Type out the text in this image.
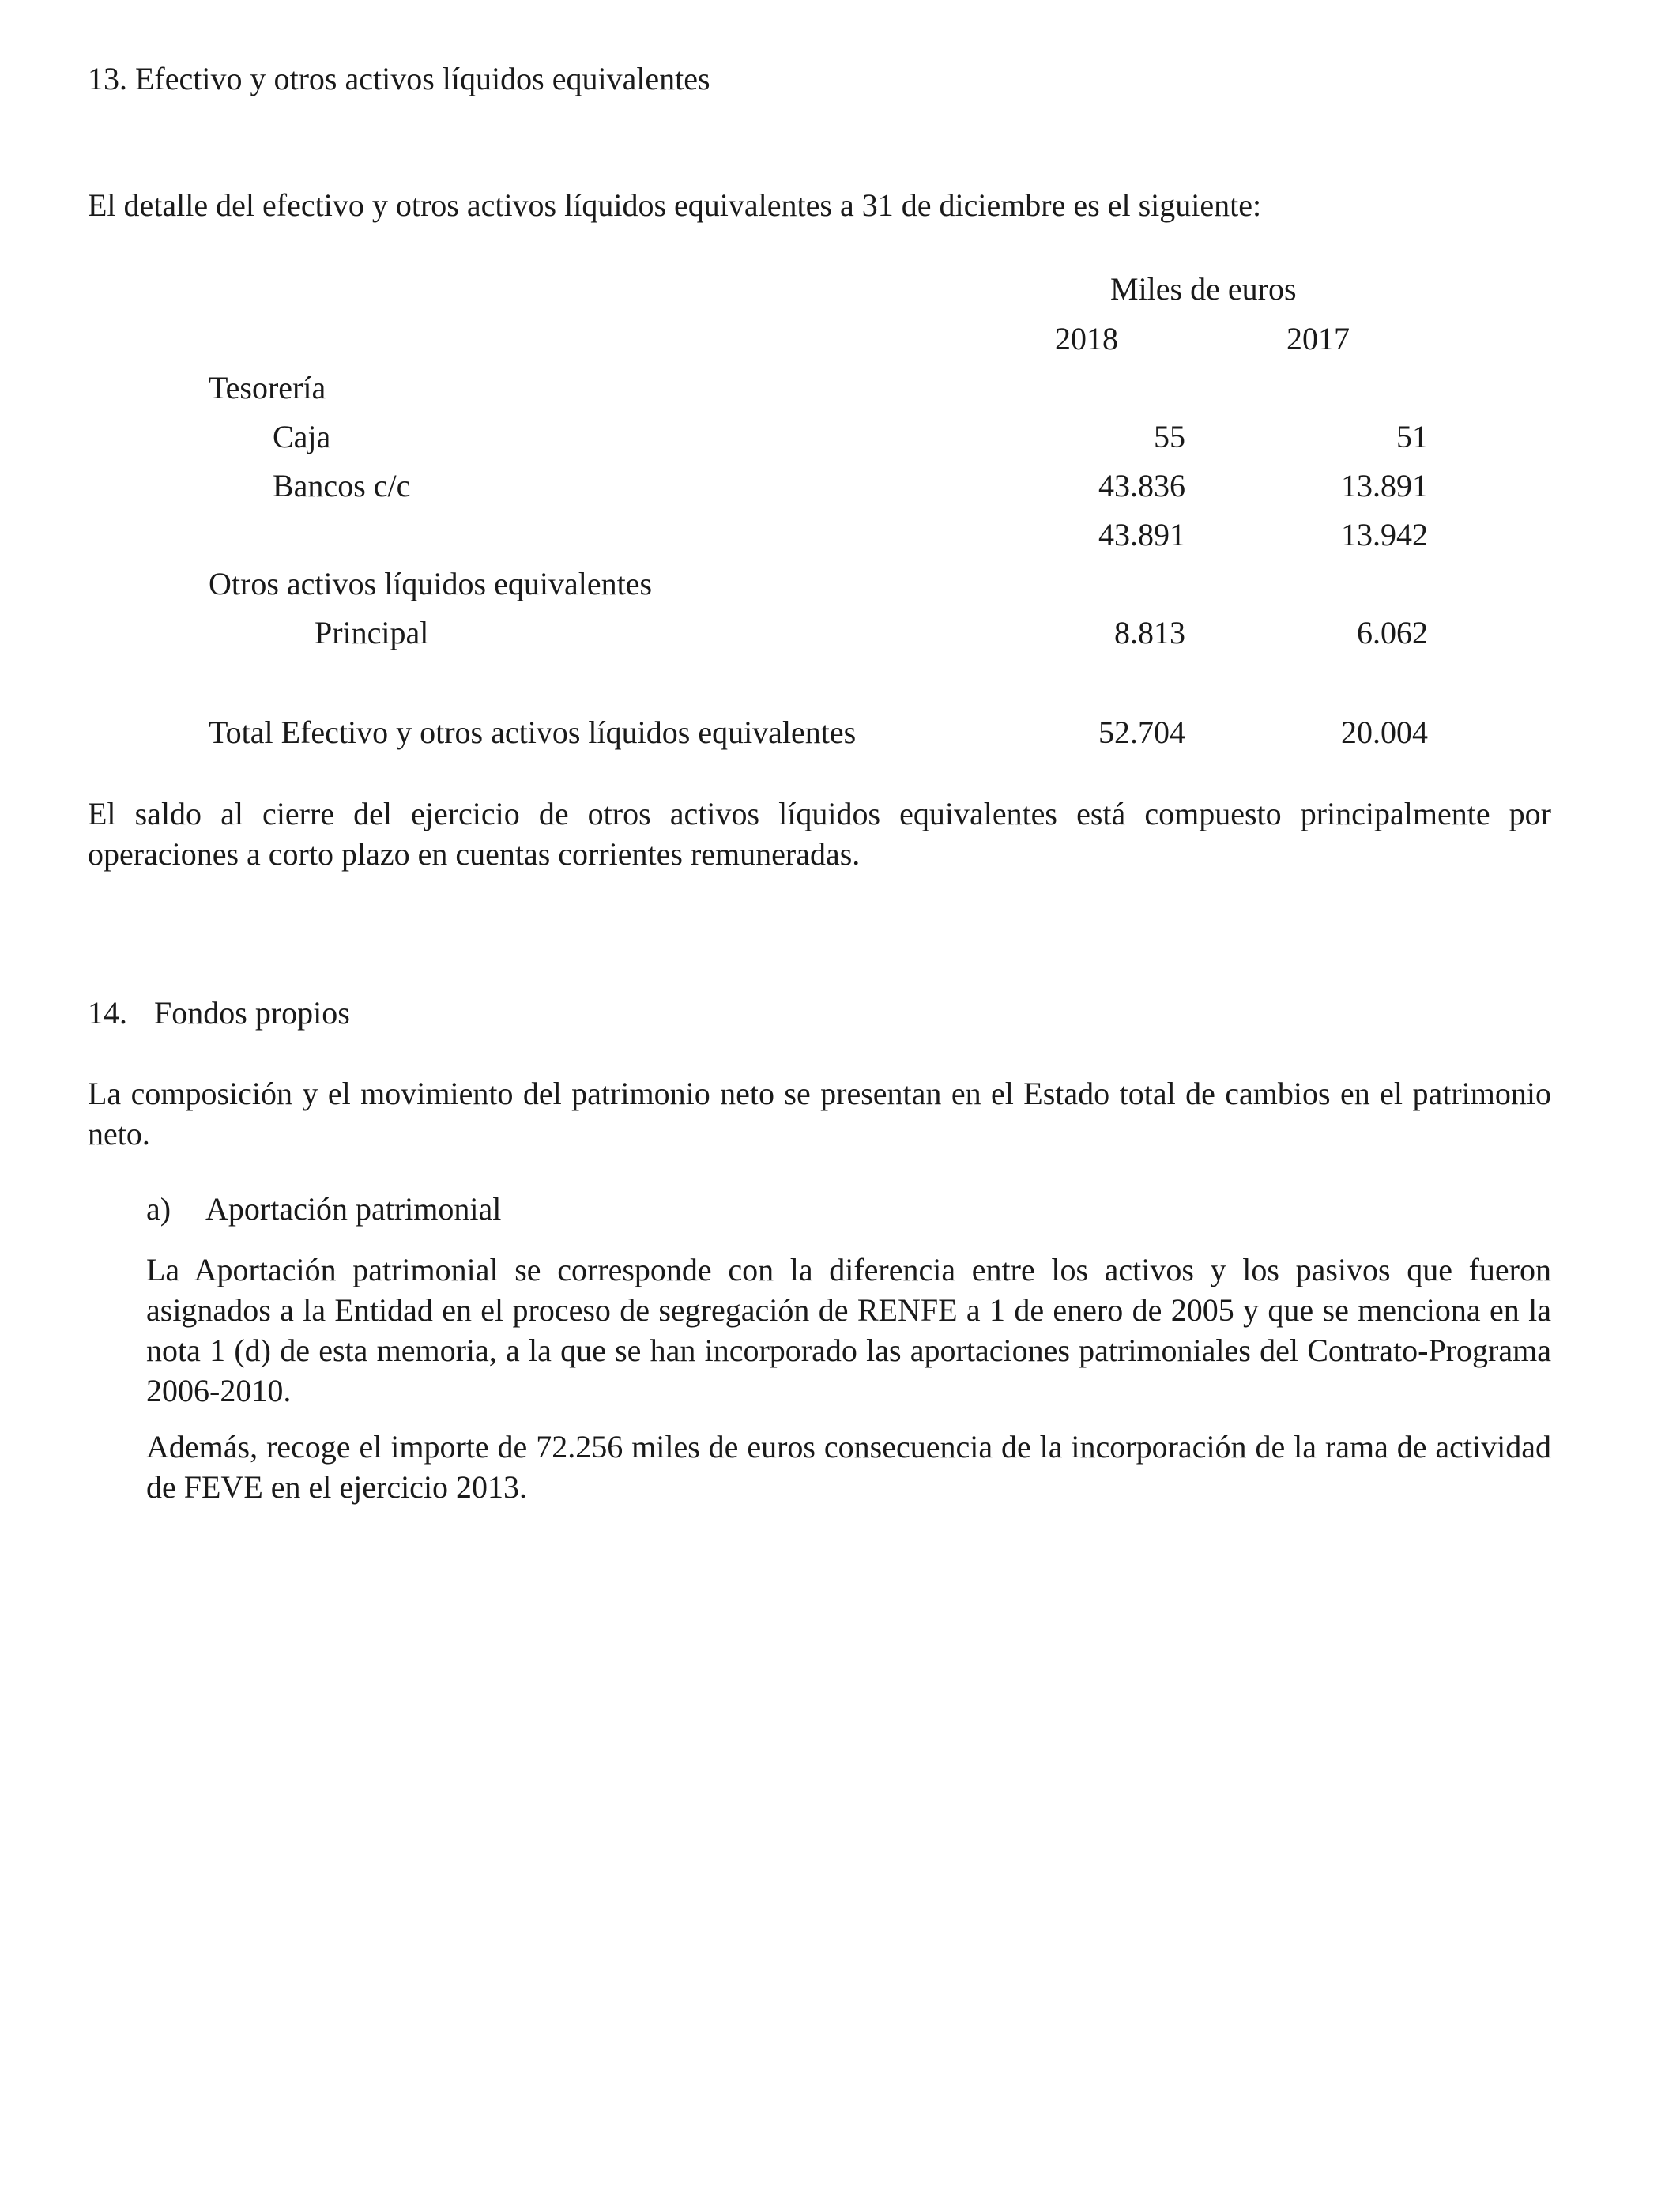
13. Efectivo y otros activos líquidos equivalentes
El detalle del efectivo y otros activos líquidos equivalentes a 31 de diciembre es el siguiente:
Miles de euros
2018	2017
Tesorería
Caja	55	51
Bancos c/c	43.836	13.891
43.891	13.942
Otros activos líquidos equivalentes
Principal	8.813	6.062
Total Efectivo y otros activos líquidos equivalentes	52.704	20.004
El saldo al cierre del ejercicio de otros activos líquidos equivalentes está compuesto principalmente por operaciones a corto plazo en cuentas corrientes remuneradas.
14. Fondos propios
La composición y el movimiento del patrimonio neto se presentan en el Estado total de cambios en el patrimonio neto.
a) Aportación patrimonial
La Aportación patrimonial se corresponde con la diferencia entre los activos y los pasivos que fueron asignados a la Entidad en el proceso de segregación de RENFE a 1 de enero de 2005 y que se menciona en la nota 1 (d) de esta memoria, a la que se han incorporado las aportaciones patrimoniales del Contrato-Programa 2006-2010.
Además, recoge el importe de 72.256 miles de euros consecuencia de la incorporación de la rama de actividad de FEVE en el ejercicio 2013.
